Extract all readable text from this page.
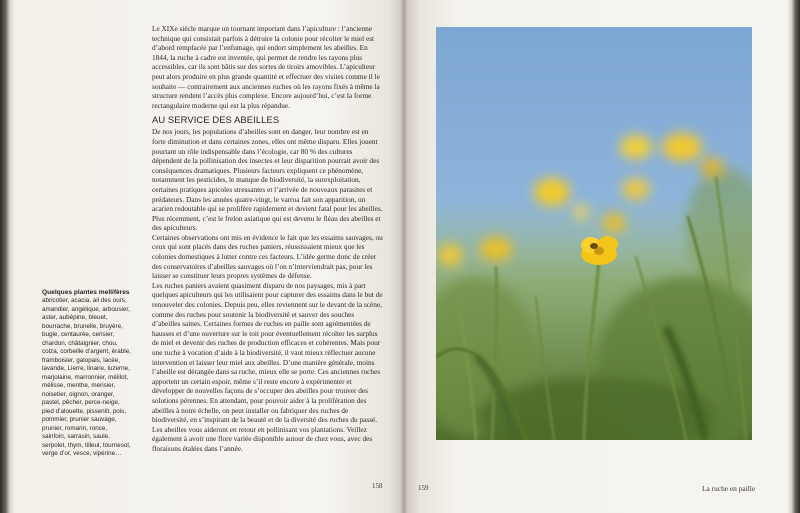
Le XIXe siècle marque un tournant important dans l’apiculture : l’ancienne technique qui consistait parfois à détruire la colonie pour récolter le miel est d’abord remplacée par l’enfumage, qui endort simplement les abeilles. En 1844, la ruche à cadre est inventée, qui permet de rendre les rayons plus accessibles, car ils sont bâtis sur des sortes de tiroirs amovibles. L’apiculteur peut alors produire en plus grande quantité et effectuer des visites comme il le souhaite — contrairement aux anciennes ruches où les rayons fixés à même la structure rendent l’accès plus complexe. Encore aujourd’hui, c’est la forme rectangulaire moderne qui est la plus répandue.

AU SERVICE DES ABEILLES

De nos jours, les populations d’abeilles sont en danger, leur nombre est en forte diminution et dans certaines zones, elles ont même disparu. Elles jouent pourtant un rôle indispensable dans l’écologie, car 80 % des cultures dépendent de la pollinisation des insectes et leur disparition pourrait avoir des conséquences dramatiques. Plusieurs facteurs expliquent ce phénomène, notamment les pesticides, le manque de biodiversité, la surexploitation, certaines pratiques apicoles stressantes et l’arrivée de nouveaux parasites et prédateurs. Dans les années quatre-vingt, le varroa fait son apparition, un acarien redoutable qui se prolifère rapidement et devient fatal pour les abeilles. Plus récemment, c’est le frelon asiatique qui est devenu le fléau des abeilles et des apiculteurs.

Certaines observations ont mis en évidence le fait que les essaims sauvages, ou ceux qui sont placés dans des ruches paniers, réussissaient mieux que les colonies domestiques à lutter contre ces facteurs. L’idée germe donc de créer des conservatoires d’abeilles sauvages où l’on n’interviendrait pas, pour les laisser se constituer leurs propres systèmes de défense.

Les ruches paniers avaient quasiment disparu de nos paysages, mis à part quelques apiculteurs qui les utilisaient pour capturer des essaims dans le but de renouveler des colonies. Depuis peu, elles reviennent sur le devant de la scène, comme des ruches pour soutenir la biodiversité et sauver des souches d’abeilles saines. Certaines formes de ruches en paille sont agrémentées de hausses et d’une ouverture sur le toit pour éventuellement récolter les surplus de miel et devenir des ruches de production efficaces et cohérentes. Mais pour une ruche à vocation d’aide à la biodiversité, il vaut mieux réflectuer aucune intervention et laisser leur miel aux abeilles. D’une manière générale, moins l’abeille est dérangée dans sa ruche, mieux elle se porte. Ces anciennes ruches apportent un certain espoir, même s’il reste encore à expérimenter et développer de nouvelles façons de s’occuper des abeilles pour trouver des solutions pérennes. En attendant, pour pouvoir aider à la prolifération des abeilles à notre échelle, on peut installer ou fabriquer des ruches de biodiversité, en s’inspirant de la beauté et de la diversité des ruches du passé. Les abeilles vous aideront en retour en pollinisant vos plantations. Veillez également à avoir une flore variée disponible autour de chez vous, avec des floraisons étalées dans l’année.

Quelques plantes mellifères
abricotier, acacia, ail des ours, amandier, angélique, arbousier, aster, aubépine, bleuet, bourrache, brunelle, bruyère, bugle, centaurée, cerisier, chardon, châtaignier, chou, colza, corbeille d’argent, érable, framboisier, galopais, lacée, lavande, Lierre, linaire, luzerne, marjolaine, marronnier, mélilot, mélisse, menthe, merisier, noisetier, oignon, oranger, pastel, pêcher, perce-neige, pied d’alouette, pissenlit, pois, pommier, prunier sauvage, prunier, romarin, ronce, sainfoin, sarrasin, saule, serpolet, thym, tilleul, tournesol, verge d’or, vesce, vipérine…
158	159	La ruche en paille
